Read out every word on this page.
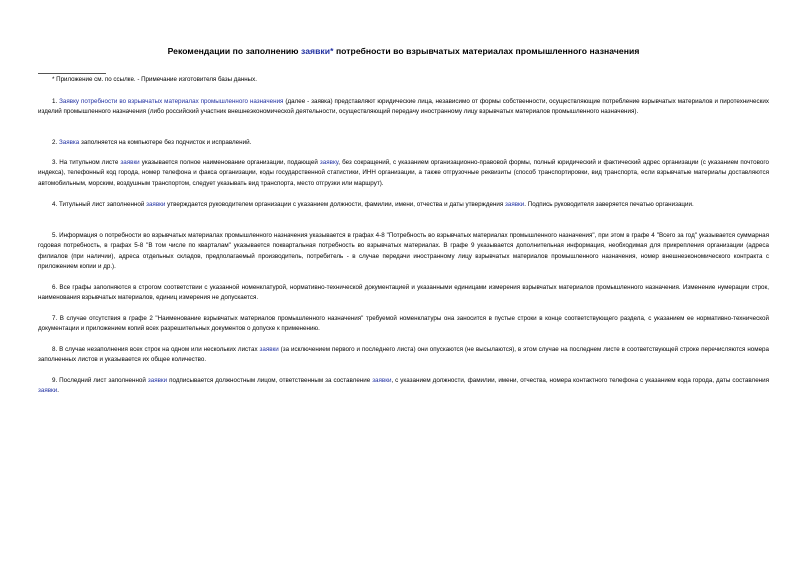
Рекомендации по заполнению заявки* потребности во взрывчатых материалах промышленного назначения
* Приложение см. по ссылке. - Примечание изготовителя базы данных.

1. Заявку потребности во взрывчатых материалах промышленного назначения (далее - заявка) представляют юридические лица, независимо от формы собственности, осуществляющие потребление взрывчатых материалов и пиротехнических изделий промышленного назначения (либо российский участник внешнеэкономической деятельности, осуществляющий передачу иностранному лицу взрывчатых материалов промышленного назначения).

2. Заявка заполняется на компьютере без подчисток и исправлений.

3. На титульном листе заявки указывается полное наименование организации, подающей заявку, без сокращений, с указанием организационно-правовой формы, полный юридический и фактический адрес организации (с указанием почтового индекса), телефонный код города, номер телефона и факса организации, коды государственной статистики, ИНН организации, а также отгрузочные реквизиты (способ транспортировки, вид транспорта, если взрывчатые материалы доставляются автомобильным, морским, воздушным транспортом, следует указывать вид транспорта, место отгрузки или маршрут).

4. Титульный лист заполненной заявки утверждается руководителем организации с указанием должности, фамилии, имени, отчества и даты утверждения заявки. Подпись руководителя заверяется печатью организации.

5. Информация о потребности во взрывчатых материалах промышленного назначения указывается в графах 4-8 "Потребность во взрывчатых материалах промышленного назначения", при этом в графе 4 "Всего за год" указывается суммарная годовая потребность, в графах 5-8 "В том числе по кварталам" указывается поквартальная потребность во взрывчатых материалах. В графе 9 указывается дополнительная информация, необходимая для прикрепления организации (адреса филиалов (при наличии), адреса отдельных складов, предполагаемый производитель, потребитель - в случае передачи иностранному лицу взрывчатых материалов промышленного назначения, номер внешнеэкономического контракта с приложением копии и др.).

6. Все графы заполняются в строгом соответствии с указанной номенклатурой, нормативно-технической документацией и указанными единицами измерения взрывчатых материалов промышленного назначения. Изменение нумерации строк, наименования взрывчатых материалов, единиц измерения не допускается.

7. В случае отсутствия в графе 2 "Наименование взрывчатых материалов промышленного назначения" требуемой номенклатуры она заносится в пустые строки в конце соответствующего раздела, с указанием ее нормативно-технической документации и приложением копий всех разрешительных документов о допуске к применению.

8. В случае незаполнения всех строк на одном или нескольких листах заявки (за исключением первого и последнего листа) они опускаются (не высылаются), в этом случае на последнем листе в соответствующей строке перечисляются номера заполненных листов и указывается их общее количество.

9. Последний лист заполненной заявки подписывается должностным лицом, ответственным за составление заявки, с указанием должности, фамилии, имени, отчества, номера контактного телефона с указанием кода города, даты составления заявки.
